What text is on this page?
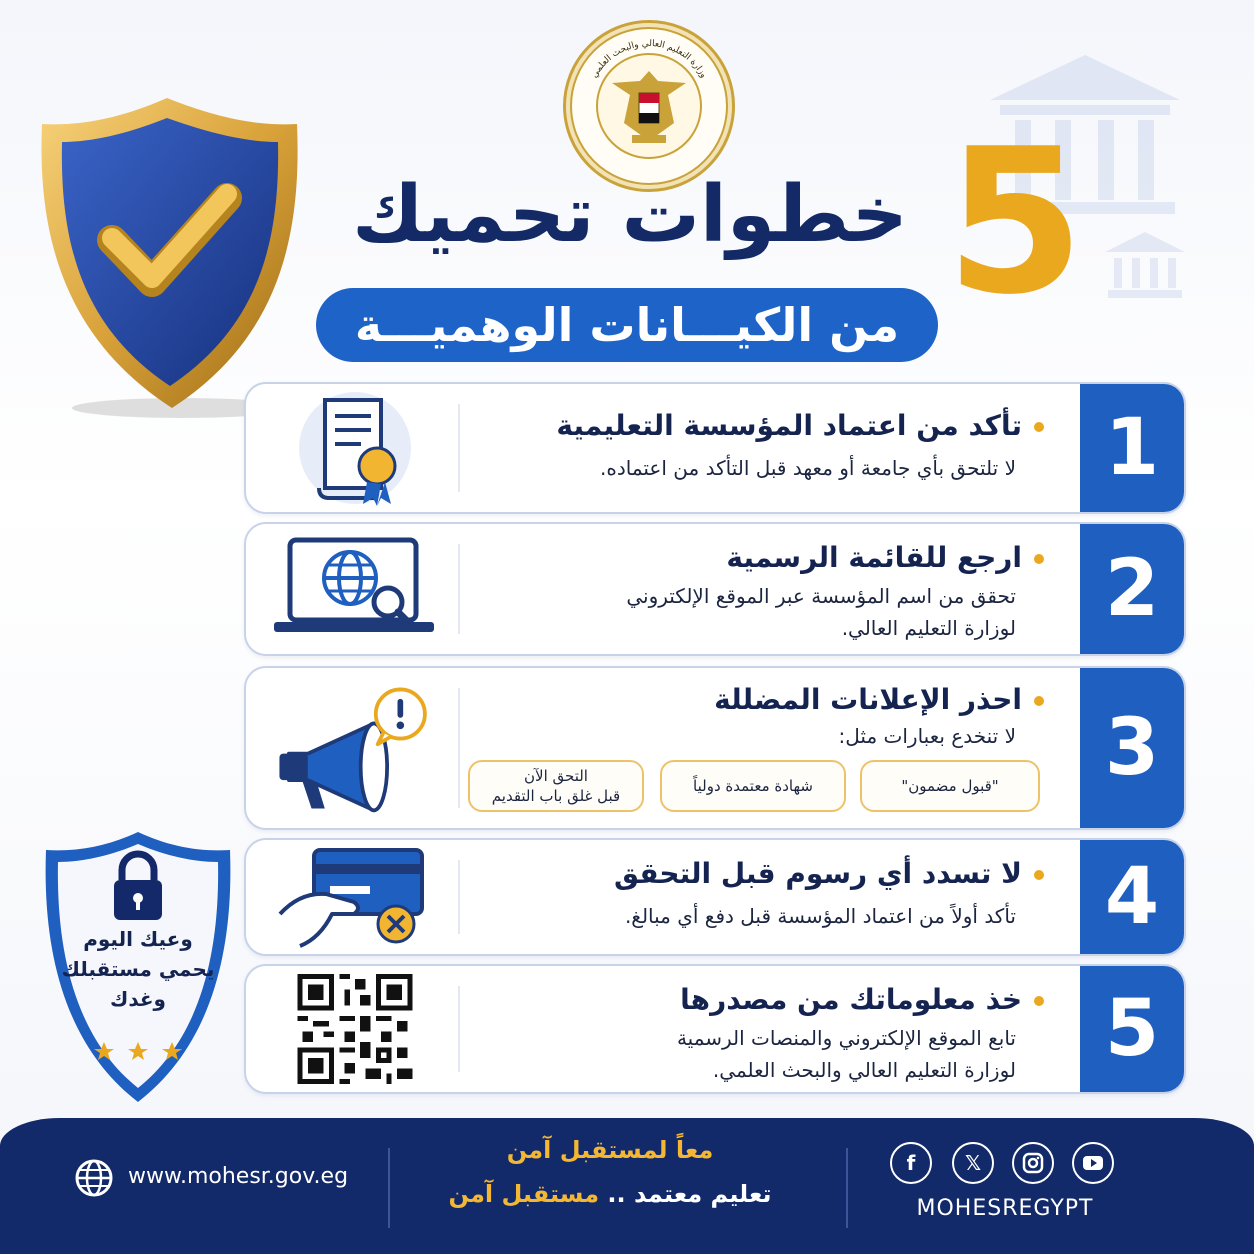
وزارة التعليم العالي والبحث العلمي
5
خطوات تحميك
من الكيـــانات الوهميـــة
1
تأكد من اعتماد المؤسسة التعليمية

لا تلتحق بأي جامعة أو معهد قبل التأكد من اعتماده.

2
ارجع للقائمة الرسمية

تحقق من اسم المؤسسة عبر الموقع الإلكتروني
لوزارة التعليم العالي.

3
احذر الإعلانات المضللة

لا تنخدع بعبارات مثل:

"قبول مضمون"
شهادة معتمدة دولياً
التحق الآن
قبل غلق باب التقديم
4
لا تسدد أي رسوم قبل التحقق

تأكد أولاً من اعتماد المؤسسة قبل دفع أي مبالغ.

5
خذ معلوماتك من مصدرها

تابع الموقع الإلكتروني والمنصات الرسمية
لوزارة التعليم العالي والبحث العلمي.

وعيك اليوم
يحمي مستقبلك
وغدك
www.mohesr.gov.eg
معاً لمستقبل آمن
تعليم معتمد .. مستقبل آمن
f	𝕏
MOHESREGYPT
